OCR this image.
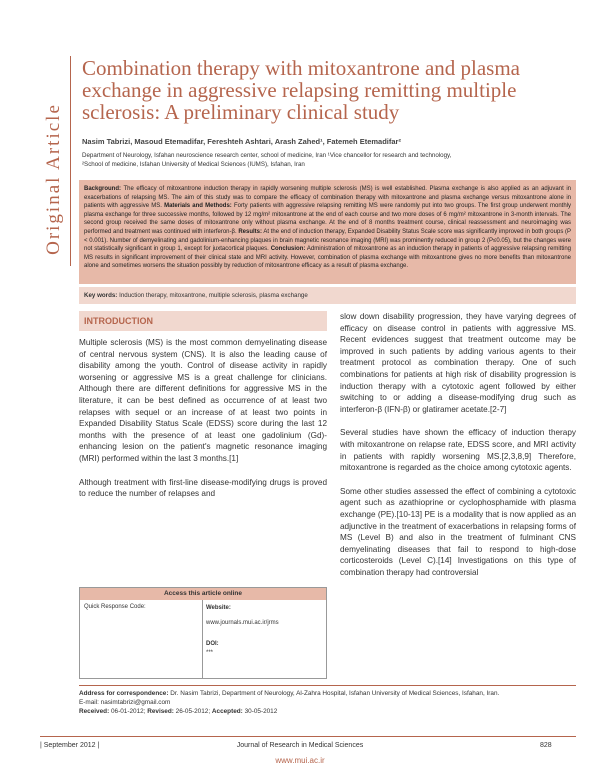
Original Article
Combination therapy with mitoxantrone and plasma exchange in aggressive relapsing remitting multiple sclerosis: A preliminary clinical study
Nasim Tabrizi, Masoud Etemadifar, Fereshteh Ashtari, Arash Zahed¹, Fatemeh Etemadifar²
Department of Neurology, Isfahan neuroscience research center, school of medicine, Iran ¹Vice chancellor for research and technology,
²School of medicine, Isfahan University of Medical Sciences (IUMS), Isfahan, Iran
Background: The efficacy of mitoxantrone induction therapy in rapidly worsening multiple sclerosis (MS) is well established. Plasma exchange is also applied as an adjuvant in exacerbations of relapsing MS. The aim of this study was to compare the efficacy of combination therapy with mitoxantrone and plasma exchange versus mitoxantrone alone in patients with aggressive MS. Materials and Methods: Forty patients with aggressive relapsing remitting MS were randomly put into two groups. The first group underwent monthly plasma exchange for three successive months, followed by 12 mg/m² mitoxantrone at the end of each course and two more doses of 6 mg/m² mitoxantrone in 3-month intervals. The second group received the same doses of mitoxantrone only without plasma exchange. At the end of 8 months treatment course, clinical reassessment and neuroimaging was performed and treatment was continued with interferon-β. Results: At the end of induction therapy, Expanded Disability Status Scale score was significantly improved in both groups (P < 0.001). Number of demyelinating and gadolinium-enhancing plaques in brain magnetic resonance imaging (MRI) was prominently reduced in group 2 (P≤0.05), but the changes were not statistically significant in group 1, except for juxtacortical plaques. Conclusion: Administration of mitoxantrone as an induction therapy in patients of aggressive relapsing remitting MS results in significant improvement of their clinical state and MRI activity. However, combination of plasma exchange with mitoxantrone gives no more benefits than mitoxantrone alone and sometimes worsens the situation possibly by reduction of mitoxantrone efficacy as a result of plasma exchange.
Key words: Induction therapy, mitoxantrone, multiple sclerosis, plasma exchange
INTRODUCTION

Multiple sclerosis (MS) is the most common demyelinating disease of central nervous system (CNS). It is also the leading cause of disability among the youth. Control of disease activity in rapidly worsening or aggressive MS is a great challenge for clinicians. Although there are different definitions for aggressive MS in the literature, it can be best defined as occurrence of at least two relapses with sequel or an increase of at least two points in Expanded Disability Status Scale (EDSS) score during the last 12 months with the presence of at least one gadolinium (Gd)-enhancing lesion on the patient's magnetic resonance imaging (MRI) performed within the last 3 months.[1]

Although treatment with first-line disease-modifying drugs is proved to reduce the number of relapses and

slow down disability progression, they have varying degrees of efficacy on disease control in patients with aggressive MS. Recent evidences suggest that treatment outcome may be improved in such patients by adding various agents to their treatment protocol as combination therapy. One of such combinations for patients at high risk of disability progression is induction therapy with a cytotoxic agent followed by either switching to or adding a disease-modifying drug such as interferon-β (IFN-β) or glatiramer acetate.[2-7]

Several studies have shown the efficacy of induction therapy with mitoxantrone on relapse rate, EDSS score, and MRI activity in patients with rapidly worsening MS.[2,3,8,9] Therefore, mitoxantrone is regarded as the choice among cytotoxic agents.

Some other studies assessed the effect of combining a cytotoxic agent such as azathioprine or cyclophosphamide with plasma exchange (PE).[10-13] PE is a modality that is now applied as an adjunctive in the treatment of exacerbations in relapsing forms of MS (Level B) and also in the treatment of fulminant CNS demyelinating diseases that fail to respond to high-dose corticosteroids (Level C).[14] Investigations on this type of combination therapy had controversial

Access this article online
Quick Response Code:	Website:
www.journals.mui.ac.ir/jrms
DOI:
***
Address for correspondence: Dr. Nasim Tabrizi, Department of Neurology, Al-Zahra Hospital, Isfahan University of Medical Sciences, Isfahan, Iran.
E-mail: nasimtabrizi@gmail.com
Received: 06-01-2012; Revised: 26-05-2012; Accepted: 30-05-2012
| September 2012 |	Journal of Research in Medical Sciences	828
www.mui.ac.ir
